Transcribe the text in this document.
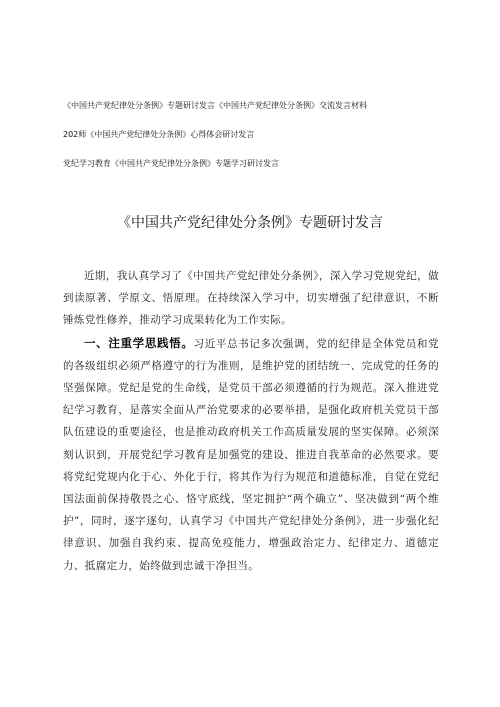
《中国共产党纪律处分条例》专题研讨发言《中国共产党纪律处分条例》交流发言材料
202师《中国共产党纪律处分条例》心得体会研讨发言
党纪学习教育《中国共产党纪律处分条例》专题学习研讨发言
《中国共产党纪律处分条例》专题研讨发言

近期，我认真学习了《中国共产党纪律处分条例》，深入学习党规党纪，做到读原著、学原文、悟原理。在持续深入学习中，切实增强了纪律意识，不断锤炼党性修养，推动学习成果转化为工作实际。

一、注重学思践悟。习近平总书记多次强调，党的纪律是全体党员和党的各级组织必须严格遵守的行为准则，是维护党的团结统一、完成党的任务的坚强保障。党纪是党的生命线，是党员干部必须遵循的行为规范。深入推进党纪学习教育，是落实全面从严治党要求的必要举措，是强化政府机关党员干部队伍建设的重要途径，也是推动政府机关工作高质量发展的坚实保障。必须深刻认识到，开展党纪学习教育是加强党的建设、推进自我革命的必然要求。要将党纪党规内化于心、外化于行，将其作为行为规范和道德标准，自觉在党纪国法面前保持敬畏之心、恪守底线，坚定拥护“两个确立”、坚决做到“两个维护”，同时，逐字逐句，认真学习《中国共产党纪律处分条例》，进一步强化纪律意识、加强自我约束、提高免疫能力，增强政治定力、纪律定力、道德定力、抵腐定力，始终做到忠诚干净担当。
